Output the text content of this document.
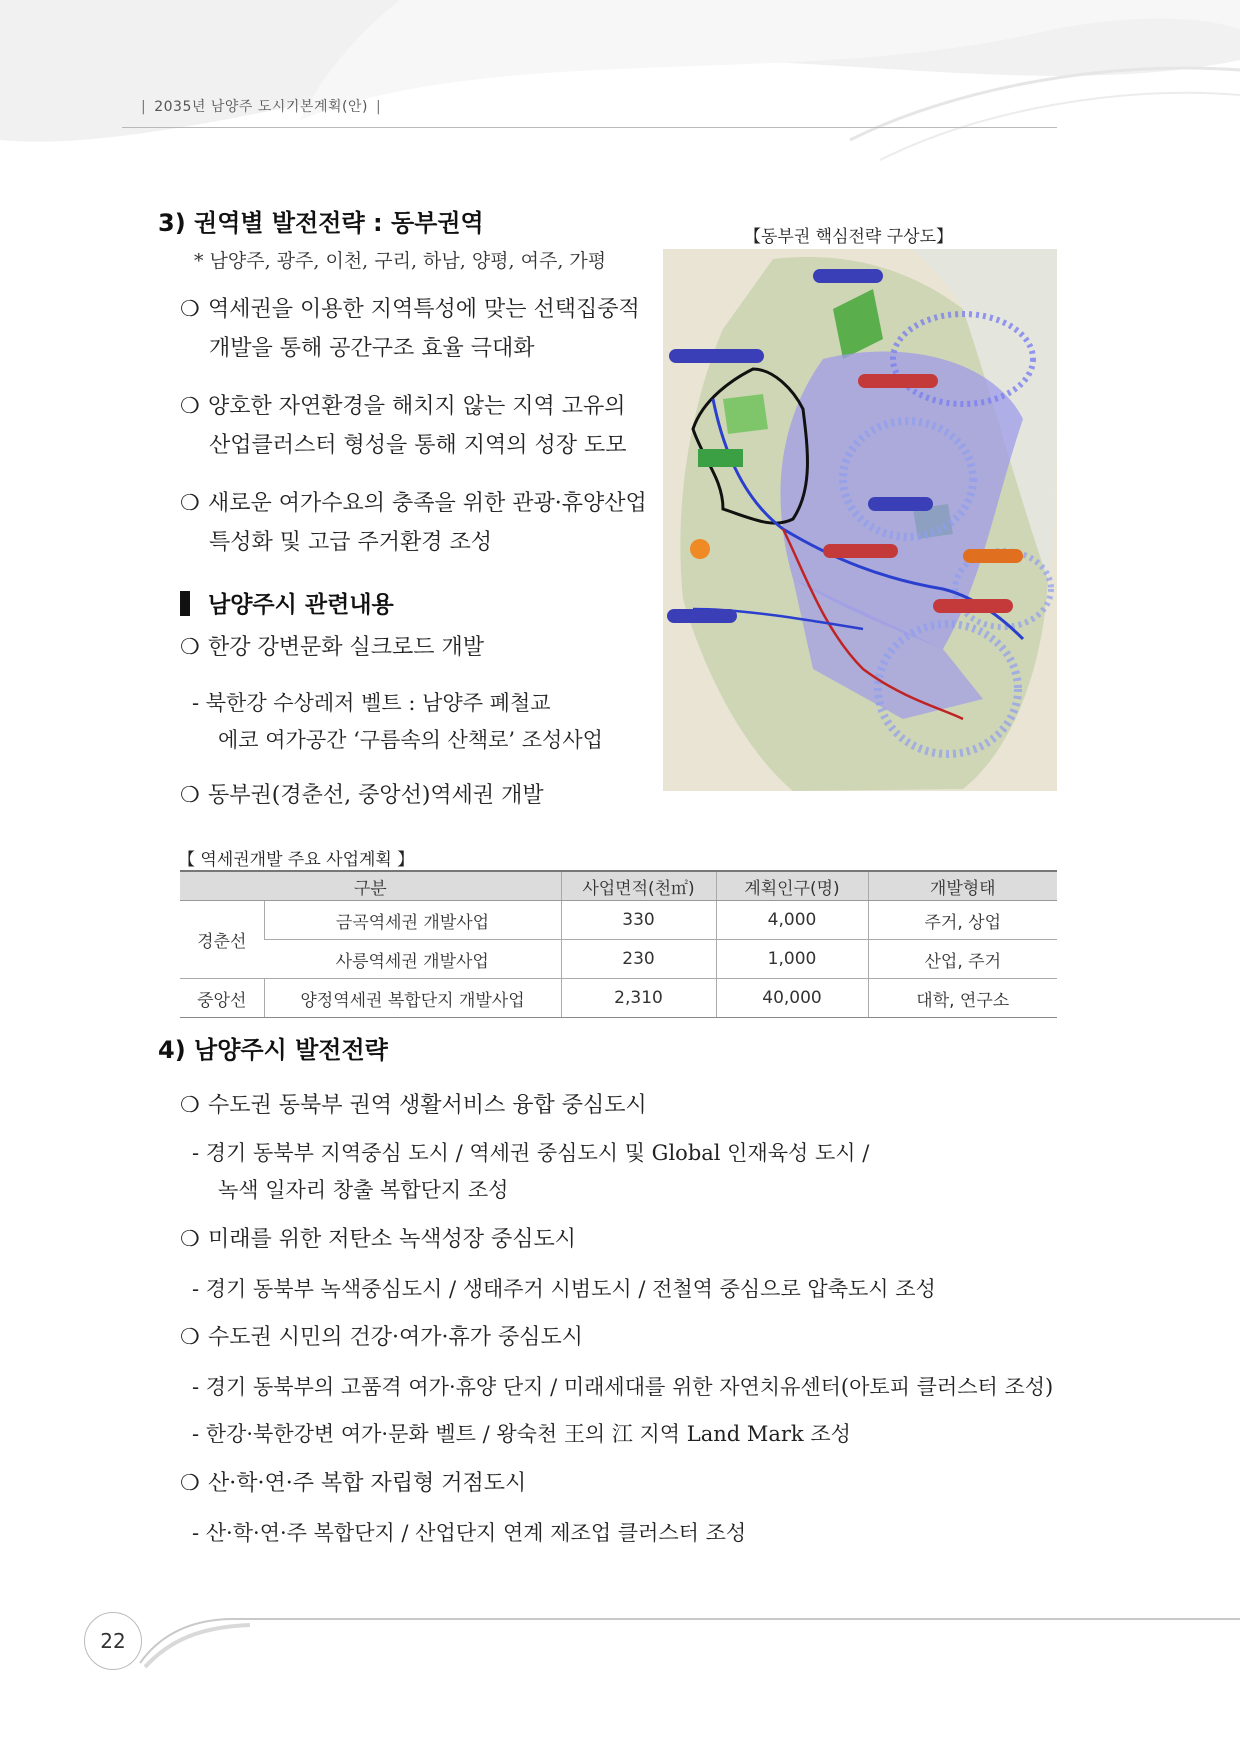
| 2035년 남양주 도시기본계획(안) |
3) 권역별 발전전략 : 동부권역
* 남양주, 광주, 이천, 구리, 하남, 양평, 여주, 가평
❍ 역세권을 이용한 지역특성에 맞는 선택집중적
개발을 통해 공간구조 효율 극대화
❍ 양호한 자연환경을 해치지 않는 지역 고유의
산업클러스터 형성을 통해 지역의 성장 도모
❍ 새로운 여가수요의 충족을 위한 관광·휴양산업
특성화 및 고급 주거환경 조성
남양주시 관련내용
❍ 한강 강변문화 실크로드 개발
- 북한강 수상레저 벨트 : 남양주 폐철교
에코 여가공간 ‘구름속의 산책로’ 조성사업
❍ 동부권(경춘선, 중앙선)역세권 개발
【동부권 핵심전략 구상도】
【 역세권개발 주요 사업계획 】
구분		사업면적(천㎡)	계획인구(명)	개발형태
경춘선	금곡역세권 개발사업	330	4,000	주거, 상업
	사릉역세권 개발사업	230	1,000	산업, 주거
중앙선	양정역세권 복합단지 개발사업	2,310	40,000	대학, 연구소
4) 남양주시 발전전략
❍ 수도권 동북부 권역 생활서비스 융합 중심도시
- 경기 동북부 지역중심 도시 / 역세권 중심도시 및 Global 인재육성 도시 /
녹색 일자리 창출 복합단지 조성
❍ 미래를 위한 저탄소 녹색성장 중심도시
- 경기 동북부 녹색중심도시 / 생태주거 시범도시 / 전철역 중심으로 압축도시 조성
❍ 수도권 시민의 건강·여가·휴가 중심도시
- 경기 동북부의 고품격 여가·휴양 단지 / 미래세대를 위한 자연치유센터(아토피 클러스터 조성)
- 한강·북한강변 여가·문화 벨트 / 왕숙천 王의 江 지역 Land Mark 조성
❍ 산·학·연·주 복합 자립형 거점도시
- 산·학·연·주 복합단지 / 산업단지 연계 제조업 클러스터 조성
22
